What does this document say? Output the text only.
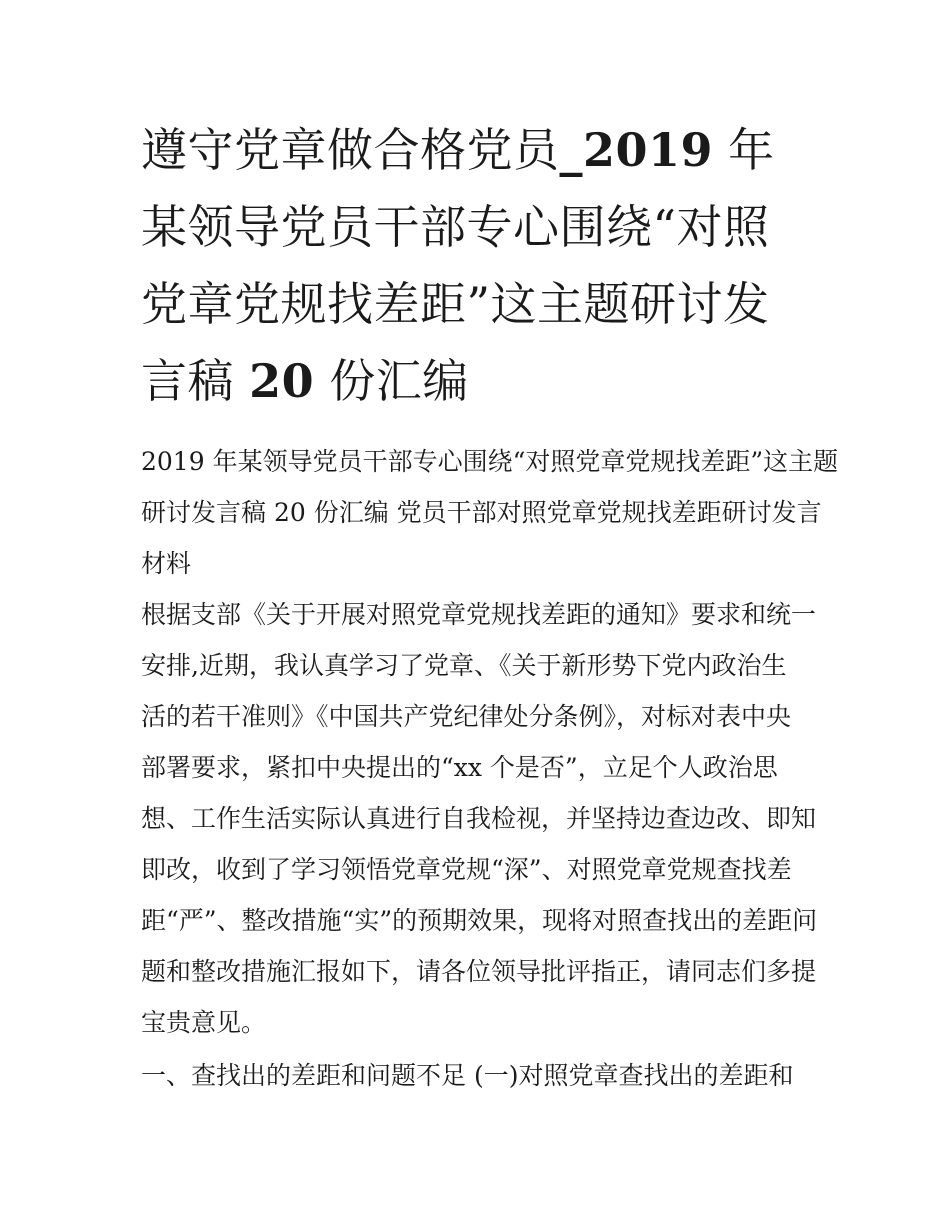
遵守党章做合格党员_2019 年
某领导党员干部专心围绕“对照
党章党规找差距”这主题研讨发
言稿 20 份汇编

2019 年某领导党员干部专心围绕“对照党章党规找差距”这主题
研讨发言稿 20 份汇编 党员干部对照党章党规找差距研讨发言
材料

根据支部《关于开展对照党章党规找差距的通知》要求和统一
安排,近期，我认真学习了党章、《关于新形势下党内政治生
活的若干准则》《中国共产党纪律处分条例》，对标对表中央
部署要求，紧扣中央提出的“xx 个是否”，立足个人政治思
想、工作生活实际认真进行自我检视，并坚持边查边改、即知
即改，收到了学习领悟党章党规“深”、对照党章党规查找差
距“严”、整改措施“实”的预期效果，现将对照查找出的差距问
题和整改措施汇报如下，请各位领导批评指正，请同志们多提
宝贵意见。

一、查找出的差距和问题不足 (一)对照党章查找出的差距和
